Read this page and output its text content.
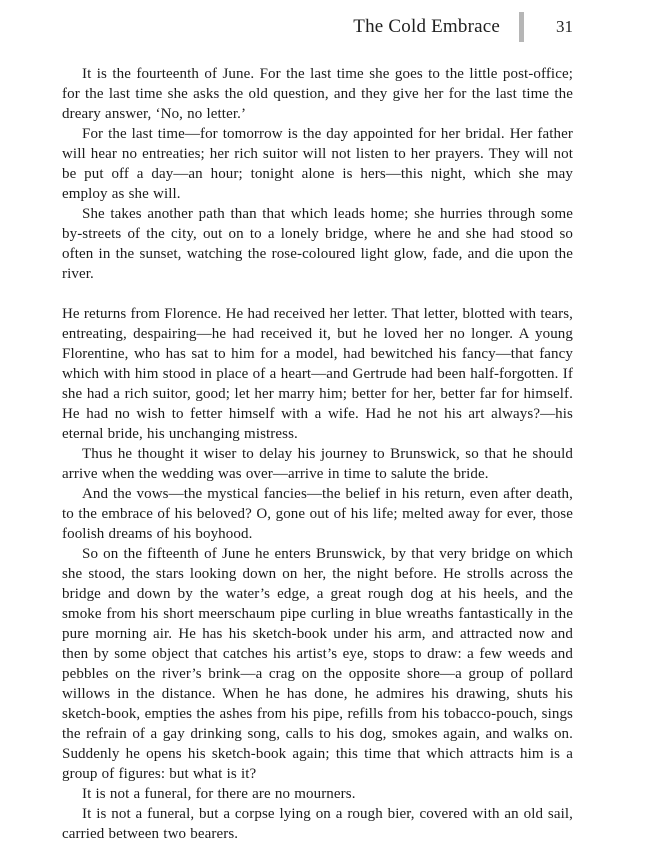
The Cold Embrace	31

It is the fourteenth of June. For the last time she goes to the little post-office; for the last time she asks the old question, and they give her for the last time the dreary answer, ‘No, no letter.’

For the last time—for tomorrow is the day appointed for her bridal. Her father will hear no entreaties; her rich suitor will not listen to her prayers. They will not be put off a day—an hour; tonight alone is hers—this night, which she may employ as she will.

She takes another path than that which leads home; she hurries through some by-streets of the city, out on to a lonely bridge, where he and she had stood so often in the sunset, watching the rose-coloured light glow, fade, and die upon the river.

He returns from Florence. He had received her letter. That letter, blotted with tears, entreating, despairing—he had received it, but he loved her no longer. A young Florentine, who has sat to him for a model, had bewitched his fancy—that fancy which with him stood in place of a heart—and Gertrude had been half-forgotten. If she had a rich suitor, good; let her marry him; better for her, better far for himself. He had no wish to fetter himself with a wife. Had he not his art always?—his eternal bride, his unchanging mistress.

Thus he thought it wiser to delay his journey to Brunswick, so that he should arrive when the wedding was over—arrive in time to salute the bride.

And the vows—the mystical fancies—the belief in his return, even after death, to the embrace of his beloved? O, gone out of his life; melted away for ever, those foolish dreams of his boyhood.

So on the fifteenth of June he enters Brunswick, by that very bridge on which she stood, the stars looking down on her, the night before. He strolls across the bridge and down by the water’s edge, a great rough dog at his heels, and the smoke from his short meerschaum pipe curling in blue wreaths fantastically in the pure morning air. He has his sketch-book under his arm, and attracted now and then by some object that catches his artist’s eye, stops to draw: a few weeds and pebbles on the river’s brink—a crag on the opposite shore—a group of pollard willows in the distance. When he has done, he admires his drawing, shuts his sketch-book, empties the ashes from his pipe, refills from his tobacco-pouch, sings the refrain of a gay drinking song, calls to his dog, smokes again, and walks on. Suddenly he opens his sketch-book again; this time that which attracts him is a group of figures: but what is it?

It is not a funeral, for there are no mourners.

It is not a funeral, but a corpse lying on a rough bier, covered with an old sail, carried between two bearers.
